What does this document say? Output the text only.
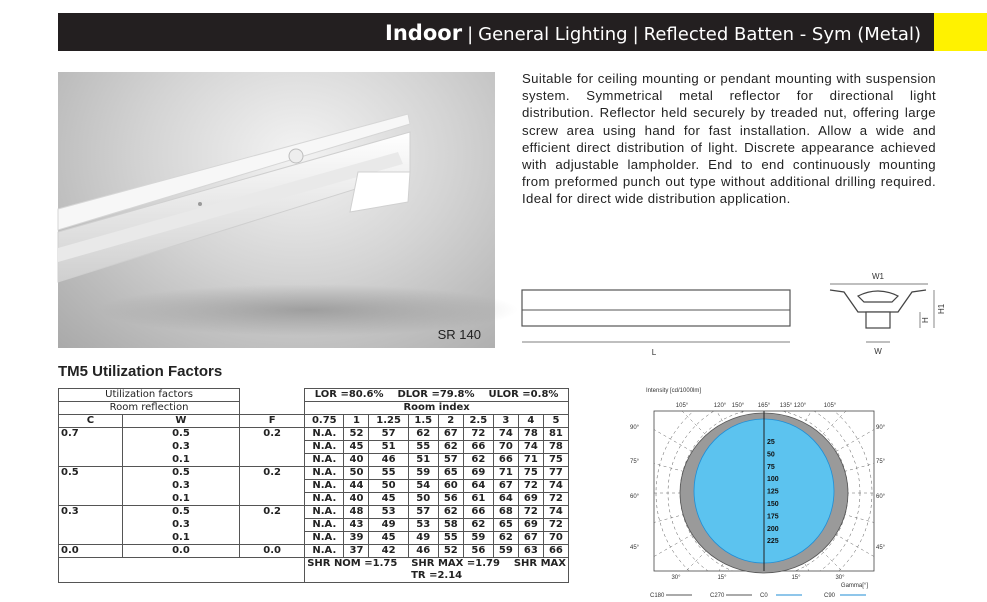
Indoor | General Lighting | Reflected Batten - Sym (Metal)
SR 140
Suitable for ceiling mounting or pendant mounting with suspension system. Symmetrical metal reflector for directional light distribution. Reflector held securely by treaded nut, offering large screw area using hand for fast installation. Allow a wide and efficient direct distribution of light. Discrete appearance achieved with adjustable lampholder. End to end continuously mounting from preformed punch out type without additional drilling required. Ideal for direct wide distribution application.
L
W1
W
H
H1
TM5 Utilization Factors
Utilization factors			LOR =80.6% DLOR =79.8% ULOR =0.8%								
Room reflection			Room index								
C	W	F	0.75	1	1.25	1.5	2	2.5	3	4	5
0.7	0.5	0.2	N.A.	52	57	62	67	72	74	78	81
	0.3		N.A.	45	51	55	62	66	70	74	78
	0.1		N.A.	40	46	51	57	62	66	71	75
0.5	0.5	0.2	N.A.	50	55	59	65	69	71	75	77
	0.3		N.A.	44	50	54	60	64	67	72	74
	0.1		N.A.	40	45	50	56	61	64	69	72
0.3	0.5	0.2	N.A.	48	53	57	62	66	68	72	74
	0.3		N.A.	43	49	53	58	62	65	69	72
	0.1		N.A.	39	45	49	55	59	62	67	70
0.0	0.0	0.0	N.A.	37	42	46	52	56	59	63	66

			SHR NOM =1.75    SHR MAX =1.79    SHR MAX
TR =2.14								
Intensity [cd/1000lm]
25
50
75
100
125
150
175
200
225
105°	120° 150° 165° 135° 120°	105°
90°	90°
75°	75°
60°	60°
45°	45°
30°	15°	15°	30°
Gamma[°]
C180	C270	C0	C90
